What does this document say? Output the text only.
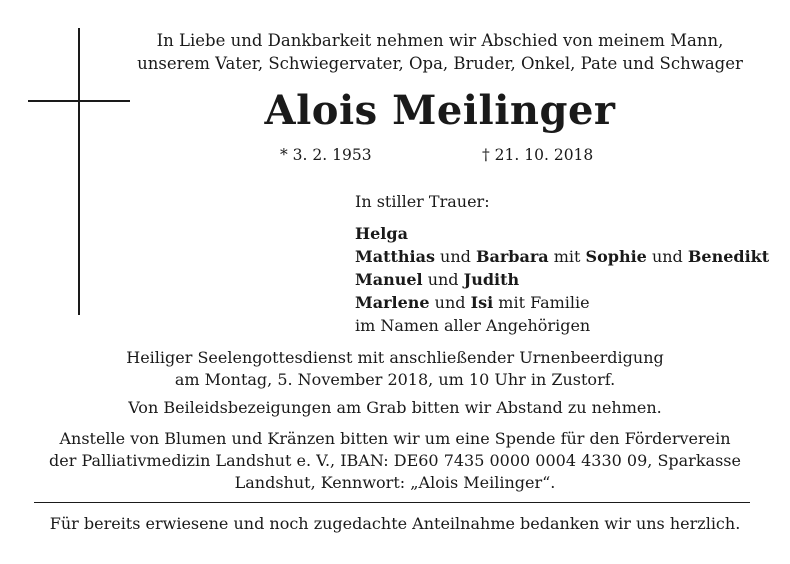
In Liebe und Dankbarkeit nehmen wir Abschied von meinem Mann,
unserem Vater, Schwiegervater, Opa, Bruder, Onkel, Pate und Schwager
Alois Meilinger
* 3. 2. 1953	† 21. 10. 2018
In stiller Trauer:
Helga
Matthias und Barbara mit Sophie und Benedikt
Manuel und Judith
Marlene und Isi mit Familie
im Namen aller Angehörigen
Heiliger Seelengottesdienst mit anschließender Urnenbeerdigung
am Montag, 5. November 2018, um 10 Uhr in Zustorf.
Von Beileidsbezeigungen am Grab bitten wir Abstand zu nehmen.
Anstelle von Blumen und Kränzen bitten wir um eine Spende für den Förderverein
der Palliativmedizin Landshut e. V., IBAN: DE60 7435 0000 0004 4330 09, Sparkasse
Landshut, Kennwort: „Alois Meilinger“.
Für bereits erwiesene und noch zugedachte Anteilnahme bedanken wir uns herzlich.
